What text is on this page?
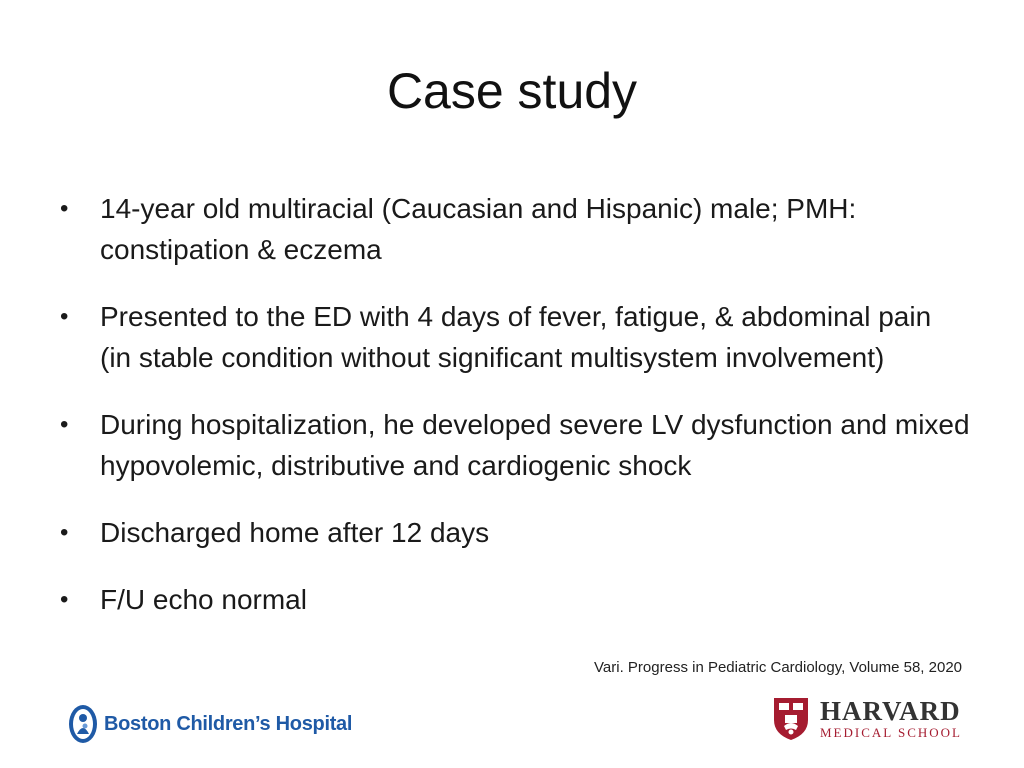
Case study
• 14-year old multiracial (Caucasian and Hispanic) male; PMH: constipation & eczema
• Presented to the ED with 4 days of fever, fatigue, & abdominal pain (in stable condition without significant multisystem involvement)
• During hospitalization, he developed severe LV dysfunction and mixed hypovolemic, distributive and cardiogenic shock
• Discharged home after 12 days
• F/U echo normal
Vari. Progress in Pediatric Cardiology, Volume 58, 2020
Boston Children’s Hospital	HARVARD
MEDICAL SCHOOL
